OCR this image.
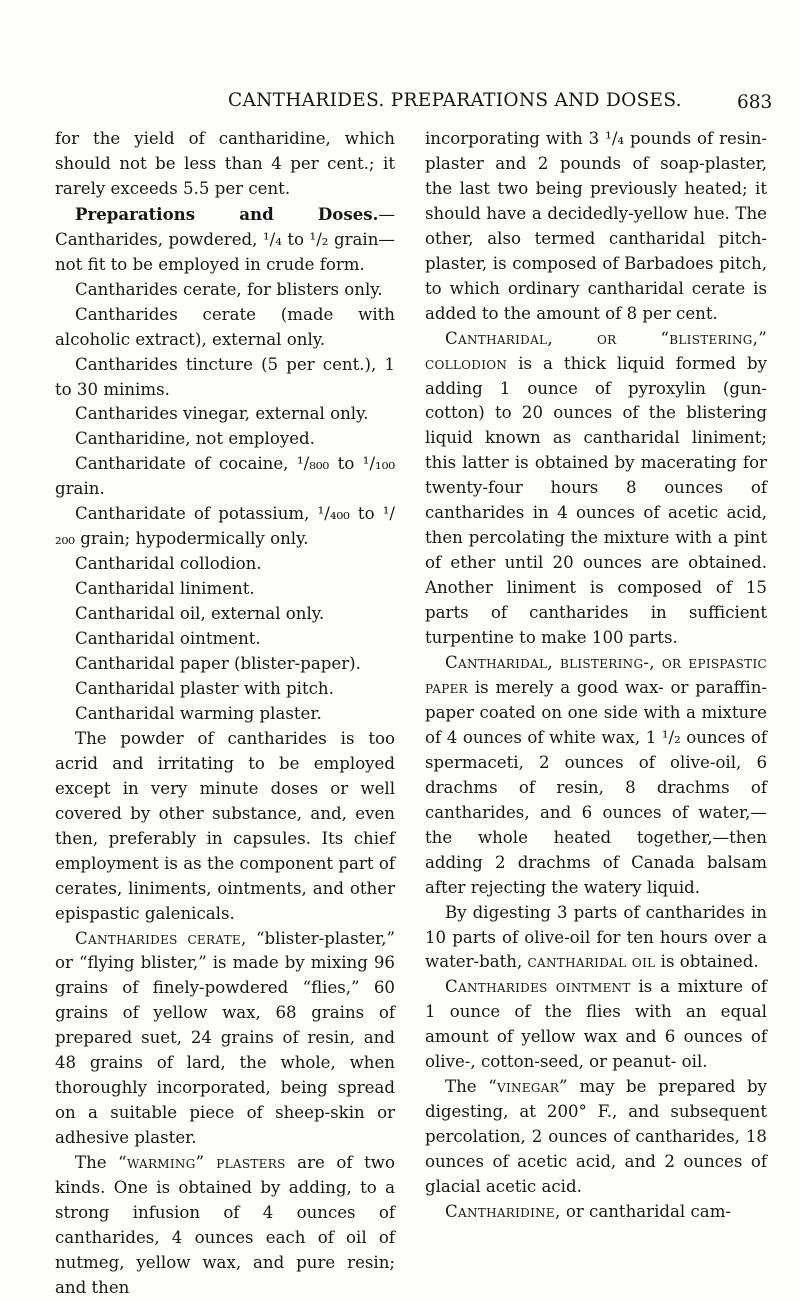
CANTHARIDES. PREPARATIONS AND DOSES.	683

for the yield of cantharidine, which should not be less than 4 per cent.; it rarely exceeds 5.5 per cent.

Preparations and Doses.—Cantharides, powdered, ¹/₄ to ¹/₂ grain—not fit to be employed in crude form.

Cantharides cerate, for blisters only.

Cantharides cerate (made with alcoholic extract), external only.

Cantharides tincture (5 per cent.), 1 to 30 minims.

Cantharides vinegar, external only.

Cantharidine, not employed.

Cantharidate of cocaine, ¹/₈₀₀ to ¹/₁₀₀ grain.

Cantharidate of potassium, ¹/₄₀₀ to ¹/₂₀₀ grain; hypodermically only.

Cantharidal collodion.

Cantharidal liniment.

Cantharidal oil, external only.

Cantharidal ointment.

Cantharidal paper (blister-paper).

Cantharidal plaster with pitch.

Cantharidal warming plaster.

The powder of cantharides is too acrid and irritating to be employed except in very minute doses or well covered by other substance, and, even then, preferably in capsules. Its chief employment is as the component part of cerates, liniments, ointments, and other epispastic galenicals.

Cantharides cerate, “blister-plaster,” or “flying blister,” is made by mixing 96 grains of finely-powdered “flies,” 60 grains of yellow wax, 68 grains of prepared suet, 24 grains of resin, and 48 grains of lard, the whole, when thoroughly incorporated, being spread on a suitable piece of sheep-skin or adhesive plaster.

The “warming” plasters are of two kinds. One is obtained by adding, to a strong infusion of 4 ounces of cantharides, 4 ounces each of oil of nutmeg, yellow wax, and pure resin; and then

incorporating with 3 ¹/₄ pounds of resin-plaster and 2 pounds of soap-plaster, the last two being previously heated; it should have a decidedly-yellow hue. The other, also termed cantharidal pitch-plaster, is composed of Barbadoes pitch, to which ordinary cantharidal cerate is added to the amount of 8 per cent.

Cantharidal, or “blistering,” collodion is a thick liquid formed by adding 1 ounce of pyroxylin (gun-cotton) to 20 ounces of the blistering liquid known as cantharidal liniment; this latter is obtained by macerating for twenty-four hours 8 ounces of cantharides in 4 ounces of acetic acid, then percolating the mixture with a pint of ether until 20 ounces are obtained. Another liniment is composed of 15 parts of cantharides in sufficient turpentine to make 100 parts.

Cantharidal, blistering-, or epispastic paper is merely a good wax- or paraffin- paper coated on one side with a mixture of 4 ounces of white wax, 1 ¹/₂ ounces of spermaceti, 2 ounces of olive-oil, 6 drachms of resin, 8 drachms of cantharides, and 6 ounces of water,— the whole heated together,—then adding 2 drachms of Canada balsam after rejecting the watery liquid.

By digesting 3 parts of cantharides in 10 parts of olive-oil for ten hours over a water-bath, cantharidal oil is obtained.

Cantharides ointment is a mixture of 1 ounce of the flies with an equal amount of yellow wax and 6 ounces of olive-, cotton-seed, or peanut- oil.

The “vinegar” may be prepared by digesting, at 200° F., and subsequent percolation, 2 ounces of cantharides, 18 ounces of acetic acid, and 2 ounces of glacial acetic acid.

Cantharidine, or cantharidal cam-
